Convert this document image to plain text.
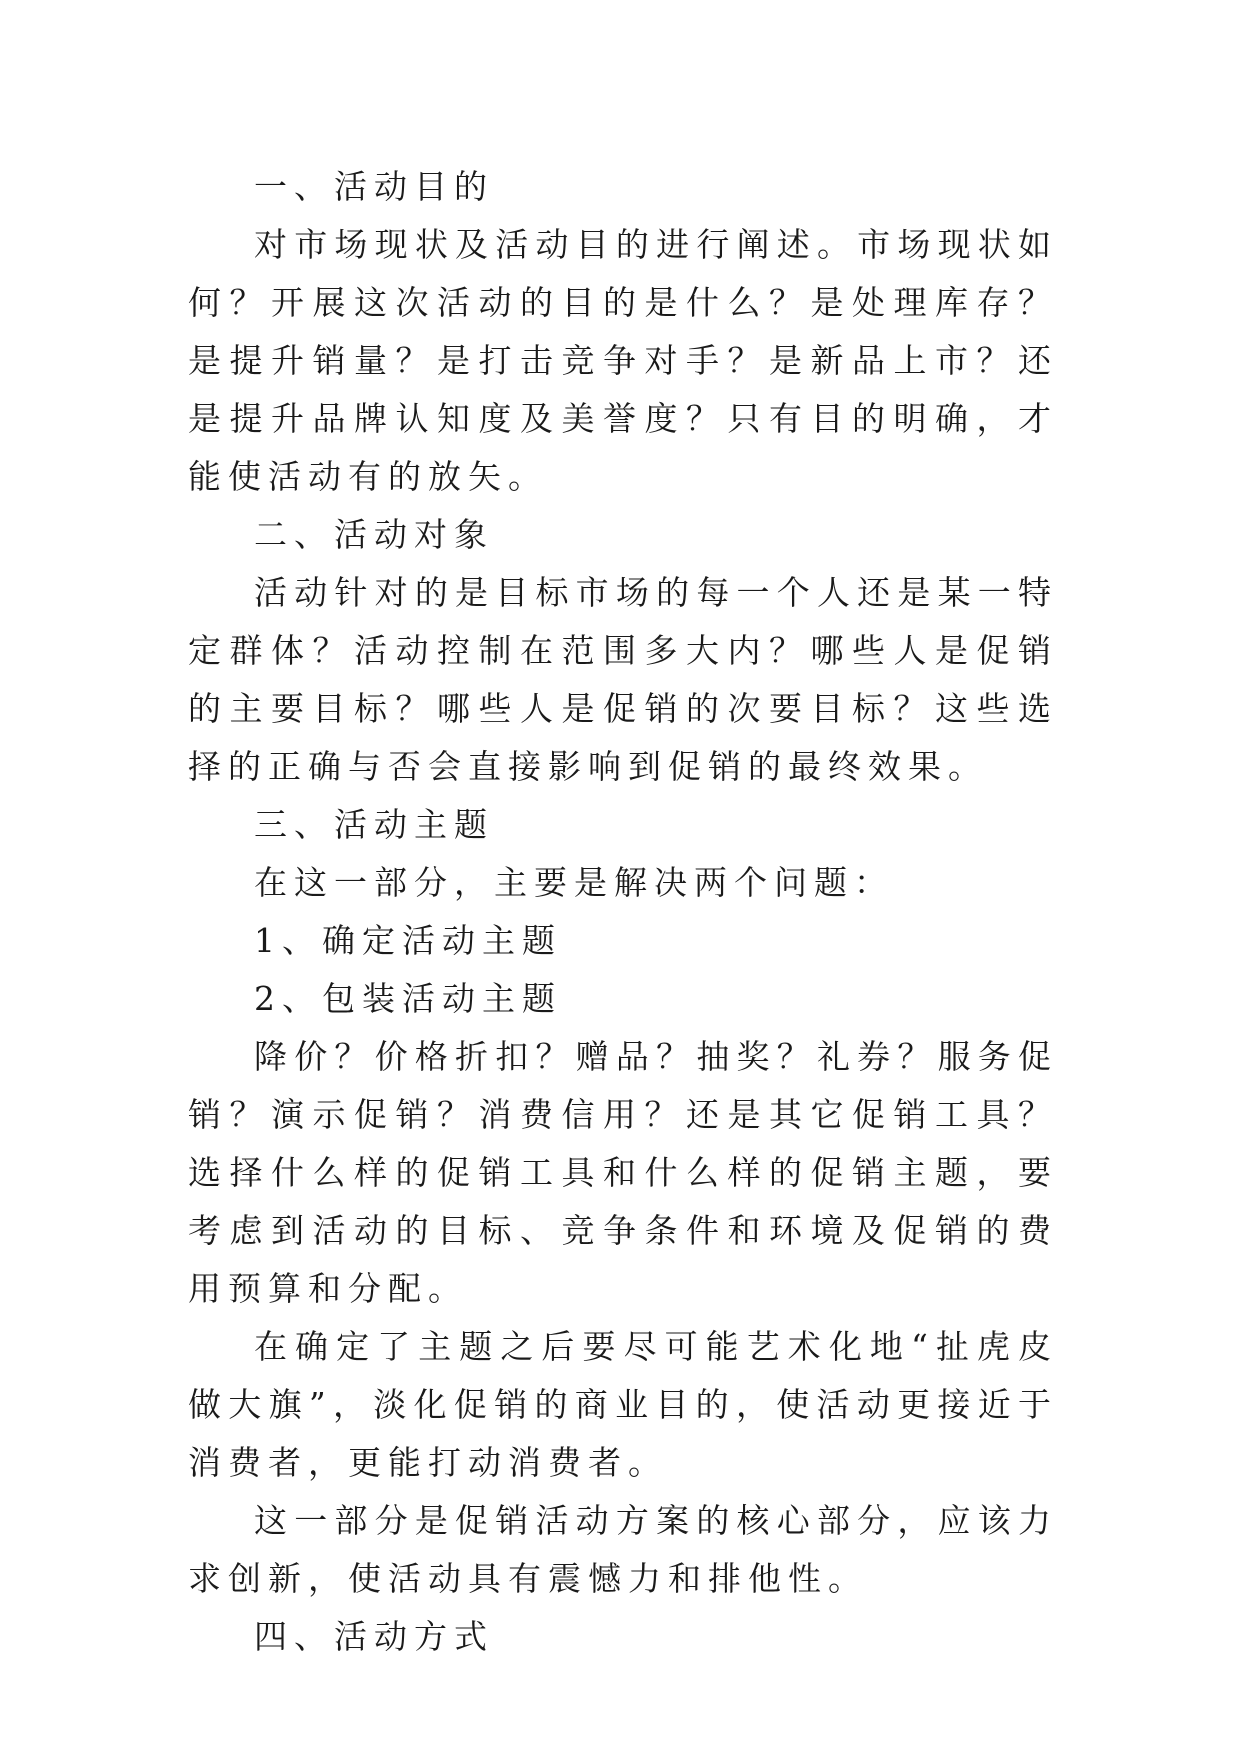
一、活动目的

对市场现状及活动目的进行阐述。市场现状如何？开展这次活动的目的是什么？是处理库存？是提升销量？是打击竞争对手？是新品上市？还是提升品牌认知度及美誉度？只有目的明确，才能使活动有的放矢。

二、活动对象

活动针对的是目标市场的每一个人还是某一特定群体？活动控制在范围多大内？哪些人是促销的主要目标？哪些人是促销的次要目标？这些选择的正确与否会直接影响到促销的最终效果。

三、活动主题

在这一部分，主要是解决两个问题：

1、确定活动主题

2、包装活动主题

降价？价格折扣？赠品？抽奖？礼券？服务促销？演示促销？消费信用？还是其它促销工具？选择什么样的促销工具和什么样的促销主题，要考虑到活动的目标、竞争条件和环境及促销的费用预算和分配。

在确定了主题之后要尽可能艺术化地“扯虎皮做大旗”，淡化促销的商业目的，使活动更接近于消费者，更能打动消费者。

这一部分是促销活动方案的核心部分，应该力求创新，使活动具有震憾力和排他性。

四、活动方式
